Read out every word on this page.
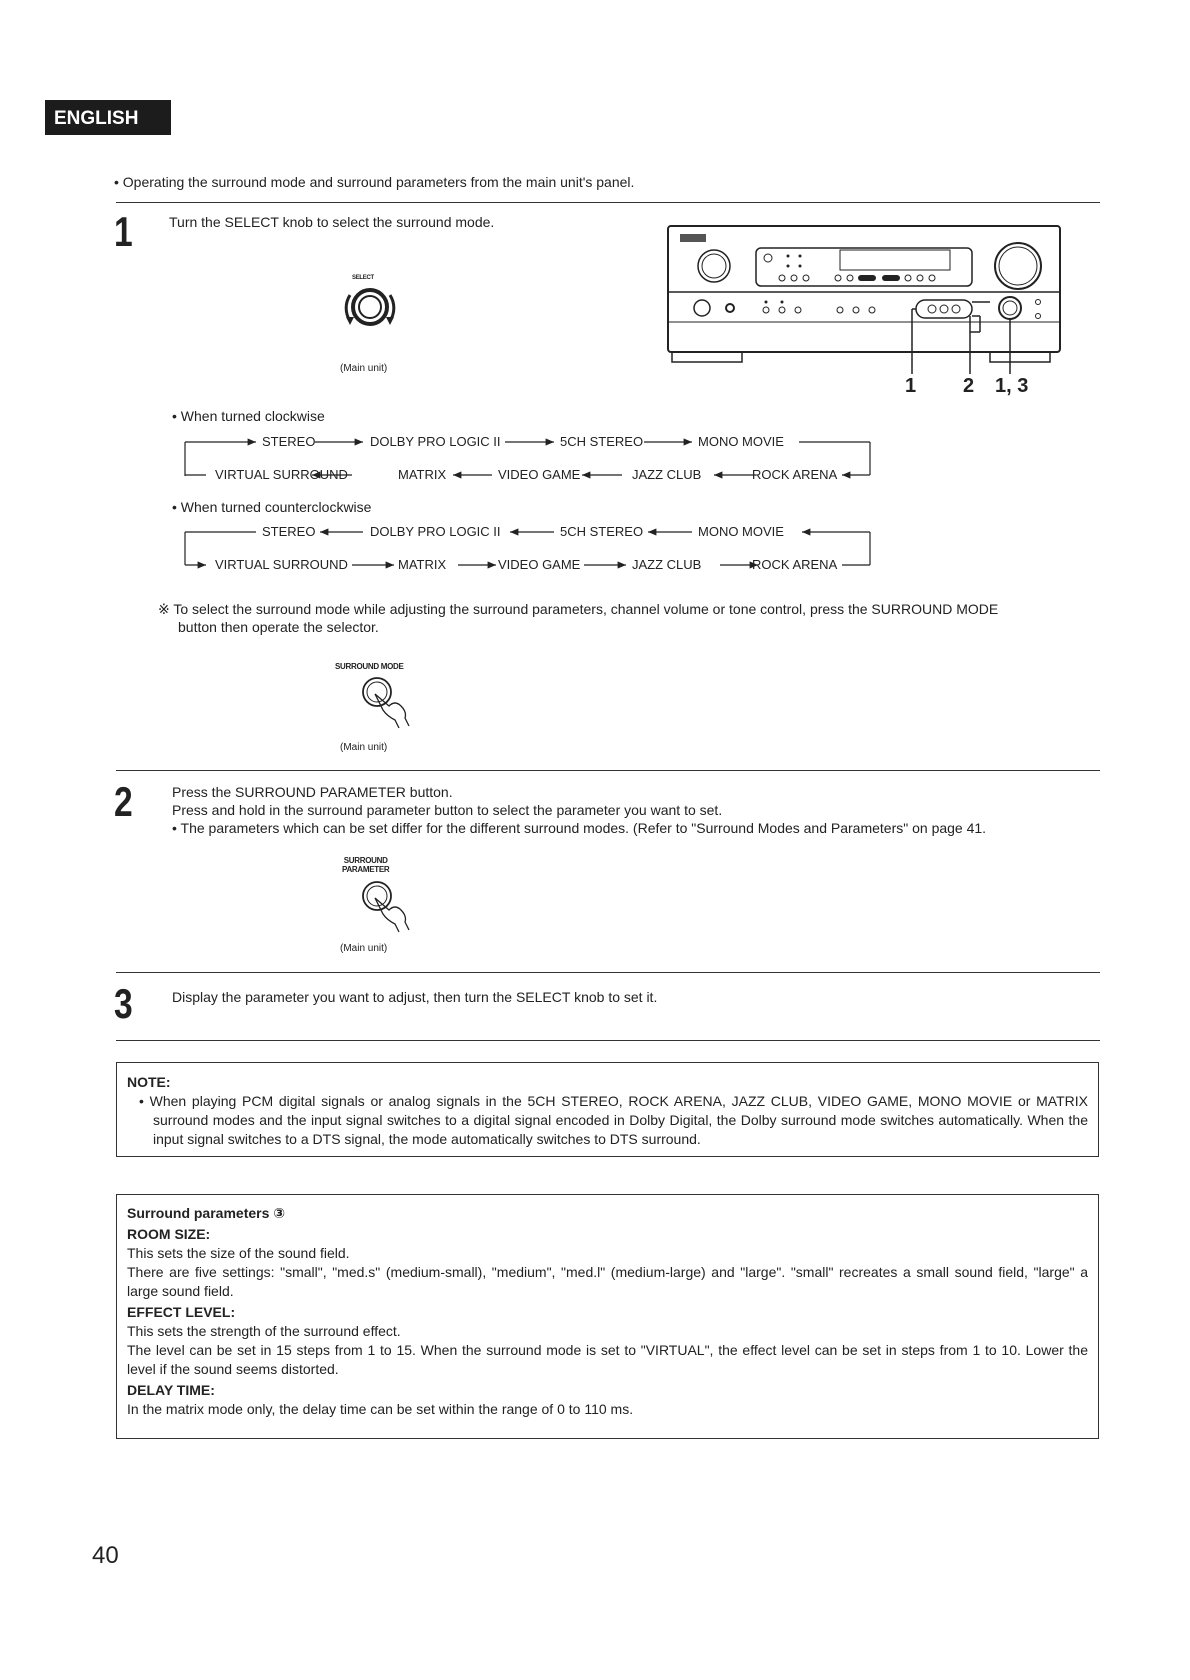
ENGLISH
• Operating the surround mode and surround parameters from the main unit's panel.
1	Turn the SELECT knob to select the surround mode.
SELECT
(Main unit)
1 2 1, 3
• When turned clockwise
STEREO	DOLBY PRO LOGIC II	5CH STEREO	MONO MOVIE
VIRTUAL SURROUND	MATRIX	VIDEO GAME	JAZZ CLUB	ROCK ARENA
• When turned counterclockwise
STEREO	DOLBY PRO LOGIC II	5CH STEREO	MONO MOVIE
VIRTUAL SURROUND	MATRIX	VIDEO GAME	JAZZ CLUB	ROCK ARENA
※ To select the surround mode while adjusting the surround parameters, channel volume or tone control, press the SURROUND MODE
button then operate the selector.
SURROUND MODE
(Main unit)
2	Press the SURROUND PARAMETER button.
Press and hold in the surround parameter button to select the parameter you want to set.
• The parameters which can be set differ for the different surround modes. (Refer to "Surround Modes and Parameters" on page 41.
SURROUND
PARAMETER
(Main unit)
3	Display the parameter you want to adjust, then turn the SELECT knob to set it.
NOTE:
• When playing PCM digital signals or analog signals in the 5CH STEREO, ROCK ARENA, JAZZ CLUB, VIDEO GAME, MONO MOVIE or MATRIX surround modes and the input signal switches to a digital signal encoded in Dolby Digital, the Dolby surround mode switches automatically. When the input signal switches to a DTS signal, the mode automatically switches to DTS surround.
Surround parameters ③
ROOM SIZE:

This sets the size of the sound field.

There are five settings: "small", "med.s" (medium-small), "medium", "med.l" (medium-large) and "large". "small" recreates a small sound field, "large" a large sound field.

EFFECT LEVEL:

This sets the strength of the surround effect.

The level can be set in 15 steps from 1 to 15. When the surround mode is set to "VIRTUAL", the effect level can be set in steps from 1 to 10. Lower the level if the sound seems distorted.

DELAY TIME:

In the matrix mode only, the delay time can be set within the range of 0 to 110 ms.

40
